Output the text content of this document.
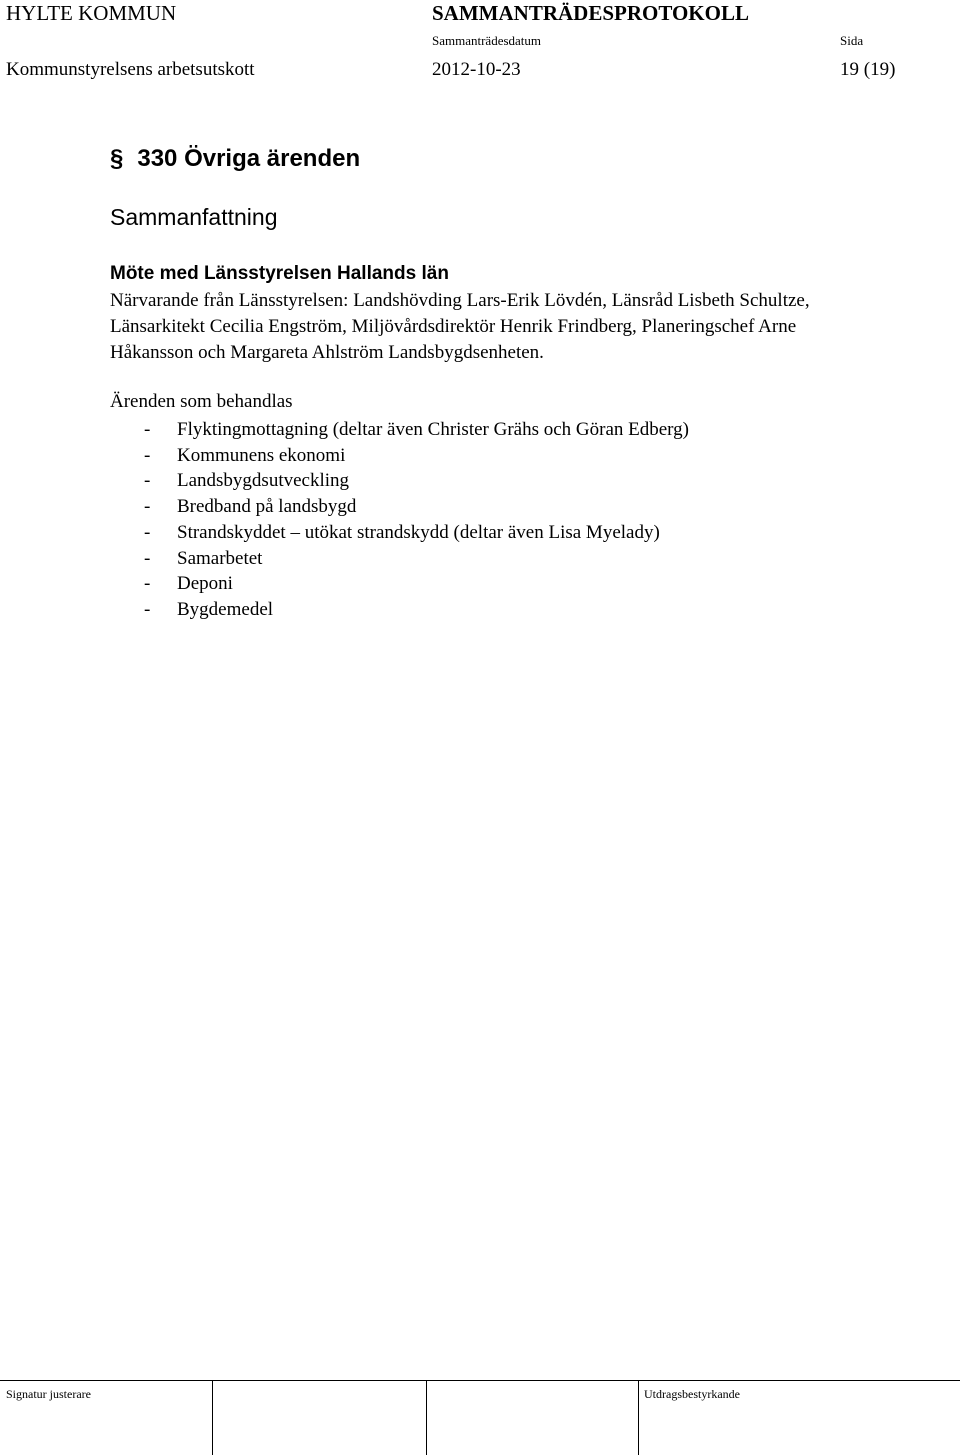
HYLTE KOMMUN	SAMMANTRÄDESPROTOKOLL
Sammanträdesdatum	Sida
Kommunstyrelsens arbetsutskott	2012-10-23	19 (19)
§ 330 Övriga ärenden
Sammanfattning
Möte med Länsstyrelsen Hallands län
Närvarande från Länsstyrelsen: Landshövding Lars-Erik Lövdén, Länsråd Lisbeth Schultze,
Länsarkitekt Cecilia Engström, Miljövårdsdirektör Henrik Frindberg, Planeringschef Arne
Håkansson och Margareta Ahlström Landsbygdsenheten.
Ärenden som behandlas
- Flyktingmottagning (deltar även Christer Grähs och Göran Edberg)
- Kommunens ekonomi
- Landsbygdsutveckling
- Bredband på landsbygd
- Strandskyddet – utökat strandskydd (deltar även Lisa Myelady)
- Samarbetet
- Deponi
- Bygdemedel
Signatur justerare	Utdragsbestyrkande
